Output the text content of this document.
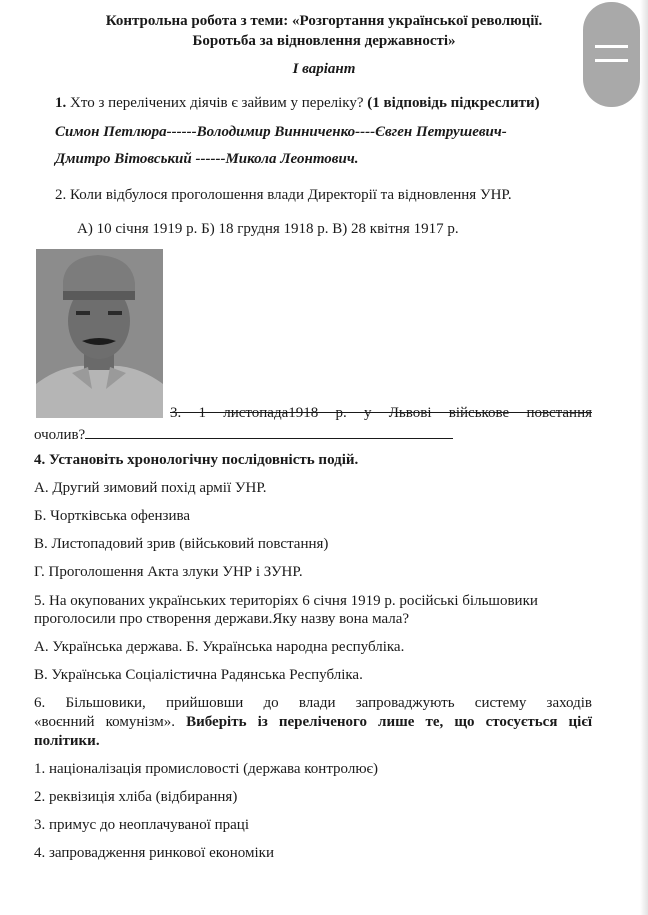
Контрольна робота з теми: «Розгортання української революції.
Боротьба за відновлення державності»
I варіант
1. Хто з перелічених діячів є зайвим у переліку? (1 відповідь підкреслити)
Симон Петлюра------Володимир Винниченко----Євген Петрушевич-
Дмитро Вітовський ------Микола Леонтович.
2. Коли відбулося проголошення влади Директорії та відновлення УНР.
А) 10 січня 1919 р. Б) 18 грудня 1918 р. В) 28 квітня 1917 р.
3. 1 листопада1918 р. у Львові військове повстання
очолив?
4. Установіть хронологічну послідовність подій.
А. Другий зимовий похід армії УНР.
Б. Чортківська офензива
В. Листопадовий зрив (військовий повстання)
Г. Проголошення Акта злуки УНР і ЗУНР.
5. На окупованих українських територіях 6 січня 1919 р. російські більшовики
проголосили про створення держави.Яку назву вона мала?
А. Українська держава. Б. Українська народна республіка.
В. Українська Соціалістична Радянська Республіка.
6. Більшовики, прийшовши до влади запроваджують систему заходів
«воєнний комунізм». Виберіть із переліченого лише те, що стосується цієї
політики.
1. націоналізація промисловості (держава контролює)
2. реквізиція хліба (відбирання)
3. примус до неоплачуваної праці
4. запровадження ринкової економіки
